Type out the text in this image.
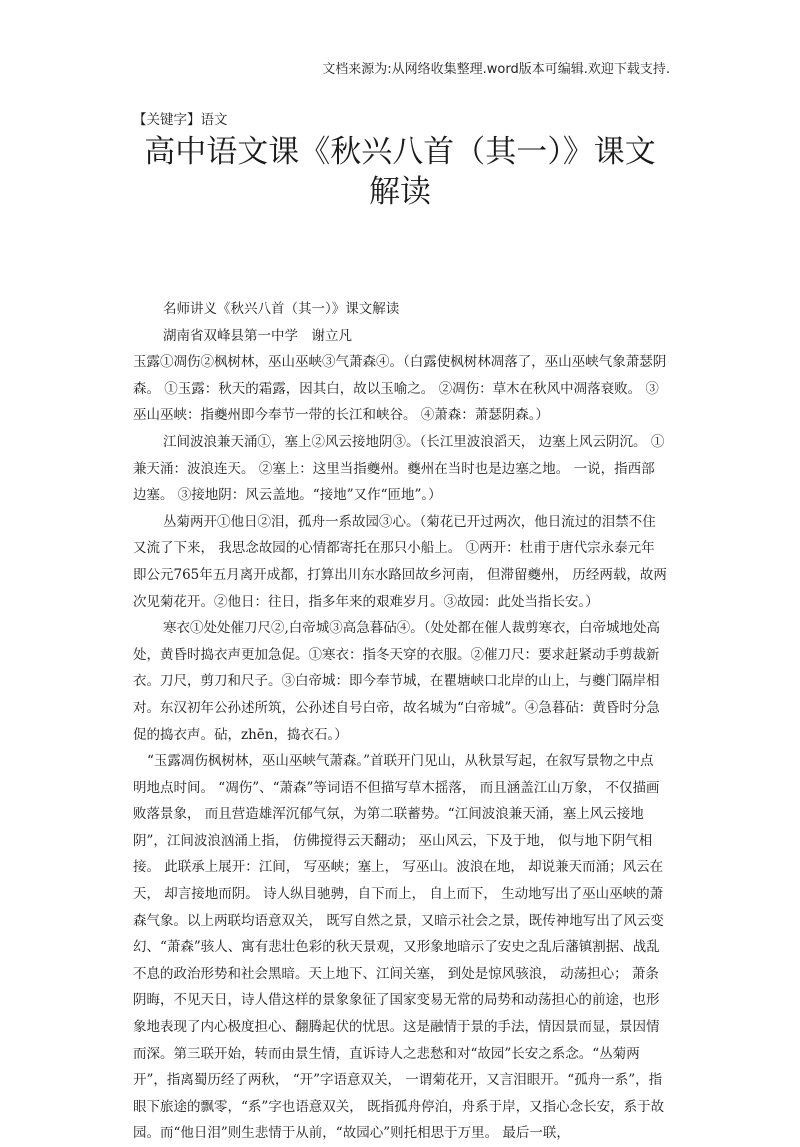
文档来源为:从网络收集整理.word版本可编辑.欢迎下载支持.
【关键字】语文
高中语文课《秋兴八首（其一）》课文
解读

名师讲义《秋兴八首（其一）》课文解读

湖南省双峰县第一中学　谢立凡

玉露①凋伤②枫树林，巫山巫峡③气萧森④。（白露使枫树林凋落了，巫山巫峡气象萧瑟阴森。 ①玉露：秋天的霜露，因其白，故以玉喻之。 ②凋伤：草木在秋风中凋落衰败。 ③巫山巫峡：指夔州即今奉节一带的长江和峡谷。 ④萧森：萧瑟阴森。）

江间波浪兼天涌①，塞上②风云接地阴③。（长江里波浪滔天， 边塞上风云阴沉。 ①兼天涌：波浪连天。 ②塞上：这里当指夔州。夔州在当时也是边塞之地。 一说，指西部边塞。 ③接地阴：风云盖地。“接地”又作“匝地”。）

丛菊两开①他日②泪，孤舟一系故园③心。（菊花已开过两次，他日流过的泪禁不住又流了下来， 我思念故园的心情都寄托在那只小船上。 ①两开：杜甫于唐代宗永泰元年即公元765年五月离开成都，打算出川东水路回故乡河南， 但滞留夔州， 历经两载，故两次见菊花开。②他日：往日，指多年来的艰难岁月。③故园：此处当指长安。）

寒衣①处处催刀尺②,白帝城③高急暮砧④。（处处都在催人裁剪寒衣，白帝城地处高处，黄昏时捣衣声更加急促。①寒衣：指冬天穿的衣服。②催刀尺：要求赶紧动手剪裁新衣。刀尺，剪刀和尺子。③白帝城：即今奉节城，在瞿塘峡口北岸的山上，与夔门隔岸相对。东汉初年公孙述所筑，公孙述自号白帝，故名城为“白帝城”。④急暮砧：黄昏时分急促的捣衣声。砧，zhēn，捣衣石。）

“玉露凋伤枫树林，巫山巫峡气萧森。”首联开门见山，从秋景写起，在叙写景物之中点明地点时间。 “凋伤”、“萧森”等词语不但描写草木摇落， 而且涵盖江山万象， 不仅描画败落景象， 而且营造雄浑沉郁气氛，为第二联蓄势。“江间波浪兼天涌，塞上风云接地阴”，江间波浪汹涌上指， 仿佛搅得云天翻动； 巫山风云，下及于地， 似与地下阴气相接。 此联承上展开：江间， 写巫峡；塞上， 写巫山。波浪在地， 却说兼天而涌；风云在天， 却言接地而阴。 诗人纵目驰骋，自下而上， 自上而下， 生动地写出了巫山巫峡的萧森气象。以上两联均语意双关， 既写自然之景，又暗示社会之景，既传神地写出了风云变幻、“萧森”骇人、寓有悲壮色彩的秋天景观，又形象地暗示了安史之乱后藩镇割据、战乱不息的政治形势和社会黑暗。天上地下、江间关塞， 到处是惊风骇浪， 动荡担心； 萧条阴晦，不见天日，诗人借这样的景象象征了国家变易无常的局势和动荡担心的前途，也形象地表现了内心极度担心、翻腾起伏的忧思。这是融情于景的手法，情因景而显，景因情而深。第三联开始，转而由景生情，直诉诗人之悲愁和对“故园”长安之系念。“丛菊两开”，指离蜀历经了两秋， “开”字语意双关， 一谓菊花开，又言泪眼开。“孤舟一系”，指眼下旅途的飘零，“系”字也语意双关， 既指孤舟停泊，舟系于岸，又指心念长安，系于故园。而“他日泪”则生悲情于从前，“故园心”则托相思于万里。 最后一联，
